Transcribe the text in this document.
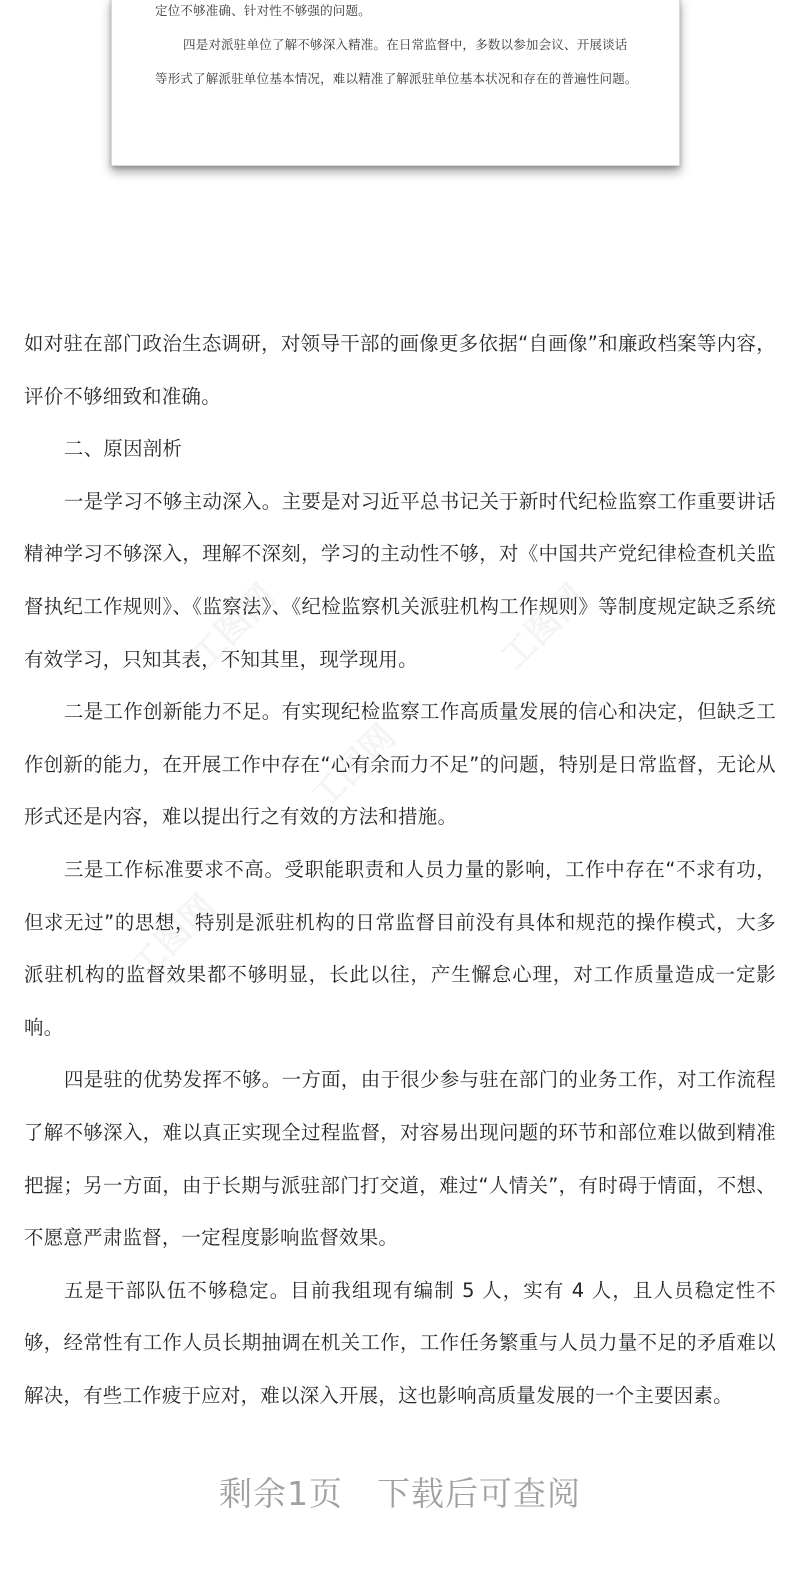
定位不够准确、针对性不够强的问题。
四是对派驻单位了解不够深入精准。在日常监督中，多数以参加会议、开展谈话
等形式了解派驻单位基本情况，难以精准了解派驻单位基本状况和存在的普遍性问题。
工图网	工图网
工图网
工图网

如对驻在部门政治生态调研，对领导干部的画像更多依据“自画像”和廉政档案等内容，评价不够细致和准确。

二、原因剖析

一是学习不够主动深入。主要是对习近平总书记关于新时代纪检监察工作重要讲话精神学习不够深入，理解不深刻，学习的主动性不够，对《中国共产党纪律检查机关监督执纪工作规则》、《监察法》、《纪检监察机关派驻机构工作规则》等制度规定缺乏系统有效学习，只知其表，不知其里，现学现用。

二是工作创新能力不足。有实现纪检监察工作高质量发展的信心和决定，但缺乏工作创新的能力，在开展工作中存在“心有余而力不足”的问题，特别是日常监督，无论从形式还是内容，难以提出行之有效的方法和措施。

三是工作标准要求不高。受职能职责和人员力量的影响，工作中存在“不求有功，但求无过”的思想，特别是派驻机构的日常监督目前没有具体和规范的操作模式，大多派驻机构的监督效果都不够明显，长此以往，产生懈怠心理，对工作质量造成一定影响。

四是驻的优势发挥不够。一方面，由于很少参与驻在部门的业务工作，对工作流程了解不够深入，难以真正实现全过程监督，对容易出现问题的环节和部位难以做到精准把握；另一方面，由于长期与派驻部门打交道，难过“人情关”，有时碍于情面，不想、不愿意严肃监督，一定程度影响监督效果。

五是干部队伍不够稳定。目前我组现有编制 5 人，实有 4 人，且人员稳定性不够，经常性有工作人员长期抽调在机关工作，工作任务繁重与人员力量不足的矛盾难以解决，有些工作疲于应对，难以深入开展，这也影响高质量发展的一个主要因素。

剩余1页 下载后可查阅
